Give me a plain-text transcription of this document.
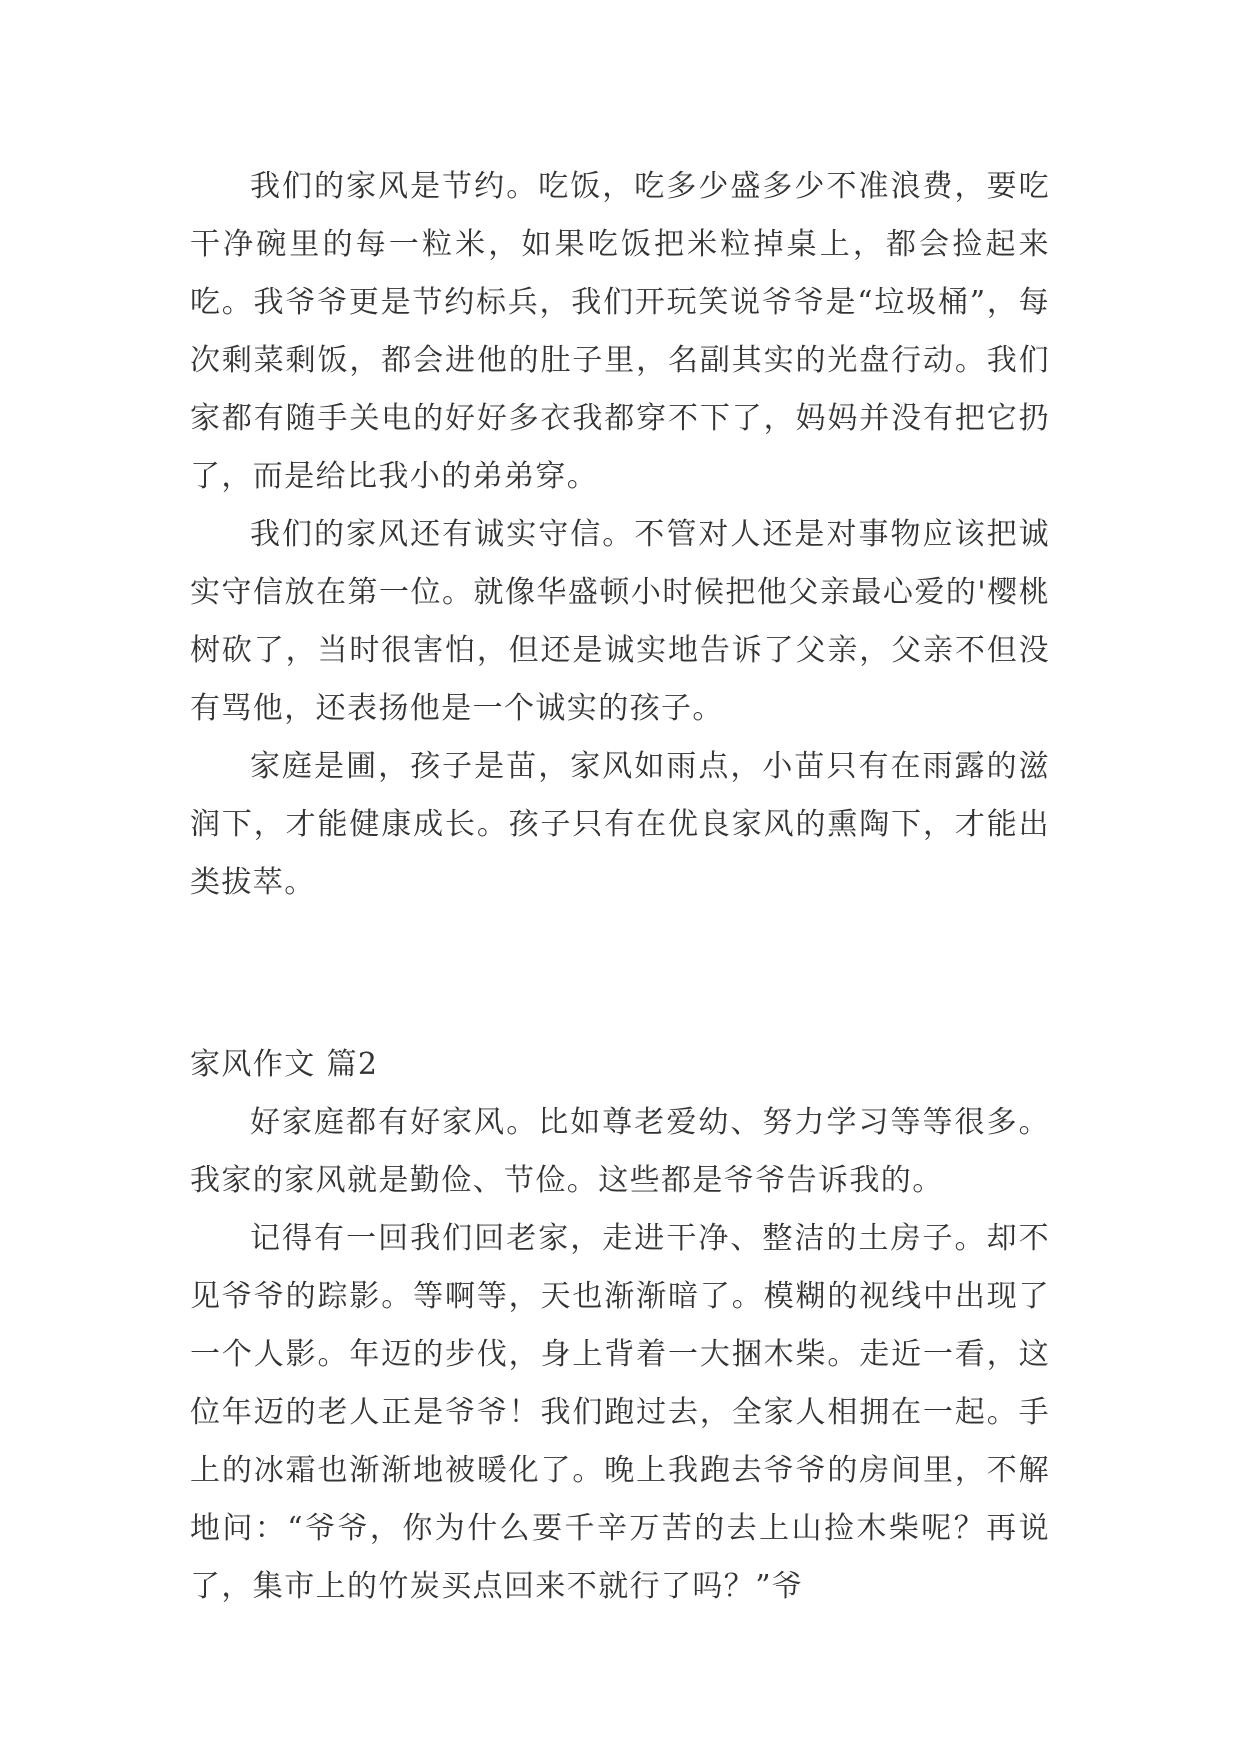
我们的家风是节约。吃饭，吃多少盛多少不准浪费，要吃干净碗里的每一粒米，如果吃饭把米粒掉桌上，都会捡起来吃。我爷爷更是节约标兵，我们开玩笑说爷爷是“垃圾桶”，每次剩菜剩饭，都会进他的肚子里，名副其实的光盘行动。我们家都有随手关电的好好多衣我都穿不下了，妈妈并没有把它扔了，而是给比我小的弟弟穿。

我们的家风还有诚实守信。不管对人还是对事物应该把诚实守信放在第一位。就像华盛顿小时候把他父亲最心爱的'樱桃树砍了，当时很害怕，但还是诚实地告诉了父亲，父亲不但没有骂他，还表扬他是一个诚实的孩子。

家庭是圃，孩子是苗，家风如雨点，小苗只有在雨露的滋润下，才能健康成长。孩子只有在优良家风的熏陶下，才能出类拔萃。

家风作文 篇2

好家庭都有好家风。比如尊老爱幼、努力学习等等很多。我家的家风就是勤俭、节俭。这些都是爷爷告诉我的。

记得有一回我们回老家，走进干净、整洁的土房子。却不见爷爷的踪影。等啊等，天也渐渐暗了。模糊的视线中出现了一个人影。年迈的步伐，身上背着一大捆木柴。走近一看，这位年迈的老人正是爷爷！我们跑过去，全家人相拥在一起。手上的冰霜也渐渐地被暖化了。晚上我跑去爷爷的房间里，不解地问：“爷爷，你为什么要千辛万苦的去上山捡木柴呢？再说了，集市上的竹炭买点回来不就行了吗？”爷
